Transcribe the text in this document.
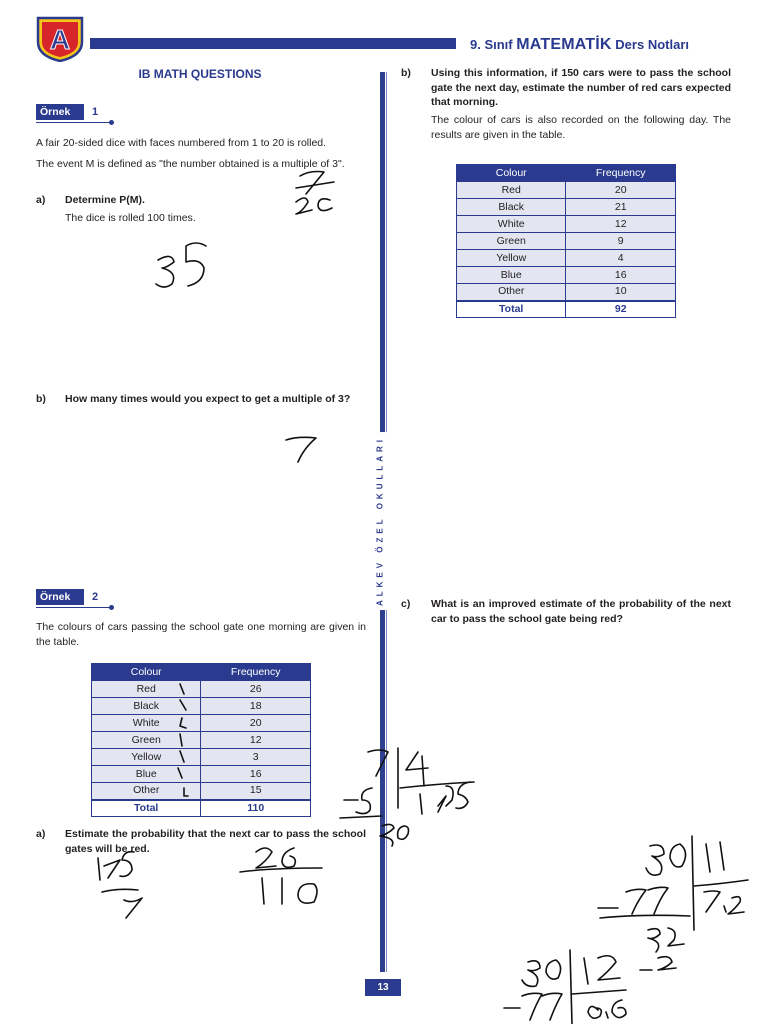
A	9. Sınıf MATEMATİK Ders Notları
ALKEV ÖZEL OKULLARI
IB MATH QUESTIONS
Örnek	1
A fair 20-sided dice with faces numbered from 1 to 20 is rolled.
The event M is defined as "the number obtained is a multiple of 3".
a) Determine P(M).
The dice is rolled 100 times.
b) How many times would you expect to get a multiple of 3?
Örnek	2
The colours of cars passing the school gate one morning are given in the table.
Colour	Frequency
Red	26
Black	18
White	20
Green	12
Yellow	3
Blue	16
Other	15
Total	110
a) Estimate the probability that the next car to pass the school gates will be red.
b) Using this information, if 150 cars were to pass the school gate the next day, estimate the number of red cars expected that morning.
The colour of cars is also recorded on the following day. The results are given in the table.
Colour	Frequency
Red	20
Black	21
White	12
Green	9
Yellow	4
Blue	16
Other	10
Total	92
c) What is an improved estimate of the probability of the next car to pass the school gate being red?
13
